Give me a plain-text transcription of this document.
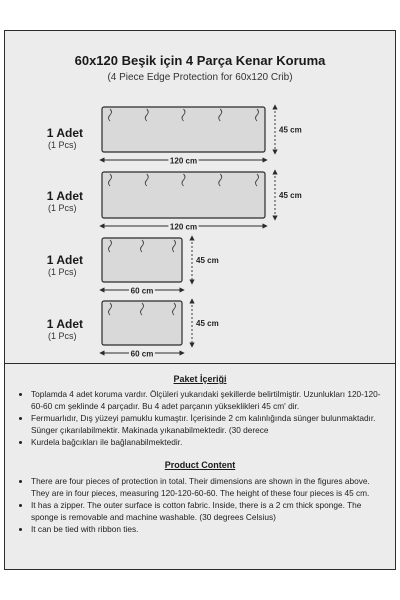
60x120 Beşik için 4 Parça Kenar Koruma
(4 Piece Edge Protection for 60x120 Crib)
1 Adet
(1 Pcs)
1 Adet
(1 Pcs)
1 Adet
(1 Pcs)
1 Adet
(1 Pcs)
120 cm
45 cm
120 cm
45 cm
60 cm
45 cm
60 cm
45 cm
Paket İçeriği
• Toplamda 4 adet koruma vardır. Ölçüleri yukarıdaki şekillerde belirtilmiştir. Uzunlukları 120-120-60-60 cm şeklinde 4 parçadır. Bu 4 adet parçanın yükseklikleri 45 cm' dir.
• Fermuarlıdır, Dış yüzeyi pamuklu kumaştır. İçerisinde 2 cm kalınlığında sünger bulunmaktadır. Sünger çıkarılabilmektir. Makinada yıkanabilmektedir. (30 derece
• Kurdela bağcıkları ile bağlanabilmektedir.
Product Content
• There are four pieces of protection in total. Their dimensions are shown in the figures above. They are in four pieces, measuring 120-120-60-60. The height of these four pieces is 45 cm.
• It has a zipper. The outer surface is cotton fabric. Inside, there is a 2 cm thick sponge. The sponge is removable and machine washable. (30 degrees Celsius)
• It can be tied with ribbon ties.
